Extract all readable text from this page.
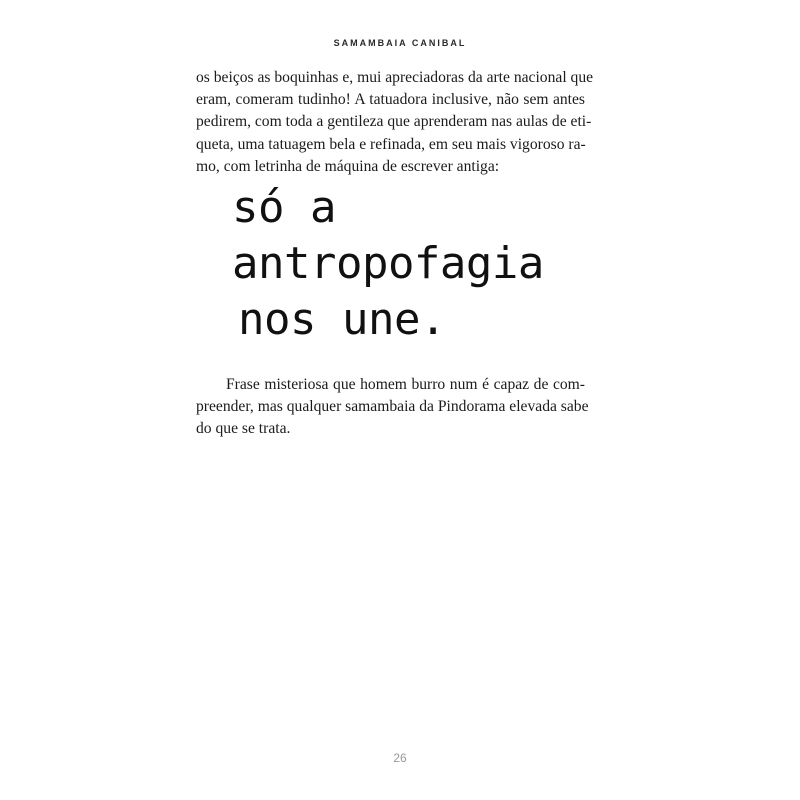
SAMAMBAIA CANIBAL

os beiços as boquinhas e, mui apreciadoras da arte nacional que
eram, comeram tudinho! A tatuadora inclusive, não sem antes
pedirem, com toda a gentileza que aprenderam nas aulas de eti-
queta, uma tatuagem bela e refinada, em seu mais vigoroso ra-
mo, com letrinha de máquina de escrever antiga:

só a
antropofagia
nos une.

Frase misteriosa que homem burro num é capaz de com-
preender, mas qualquer samambaia da Pindorama elevada sabe
do que se trata.

26
